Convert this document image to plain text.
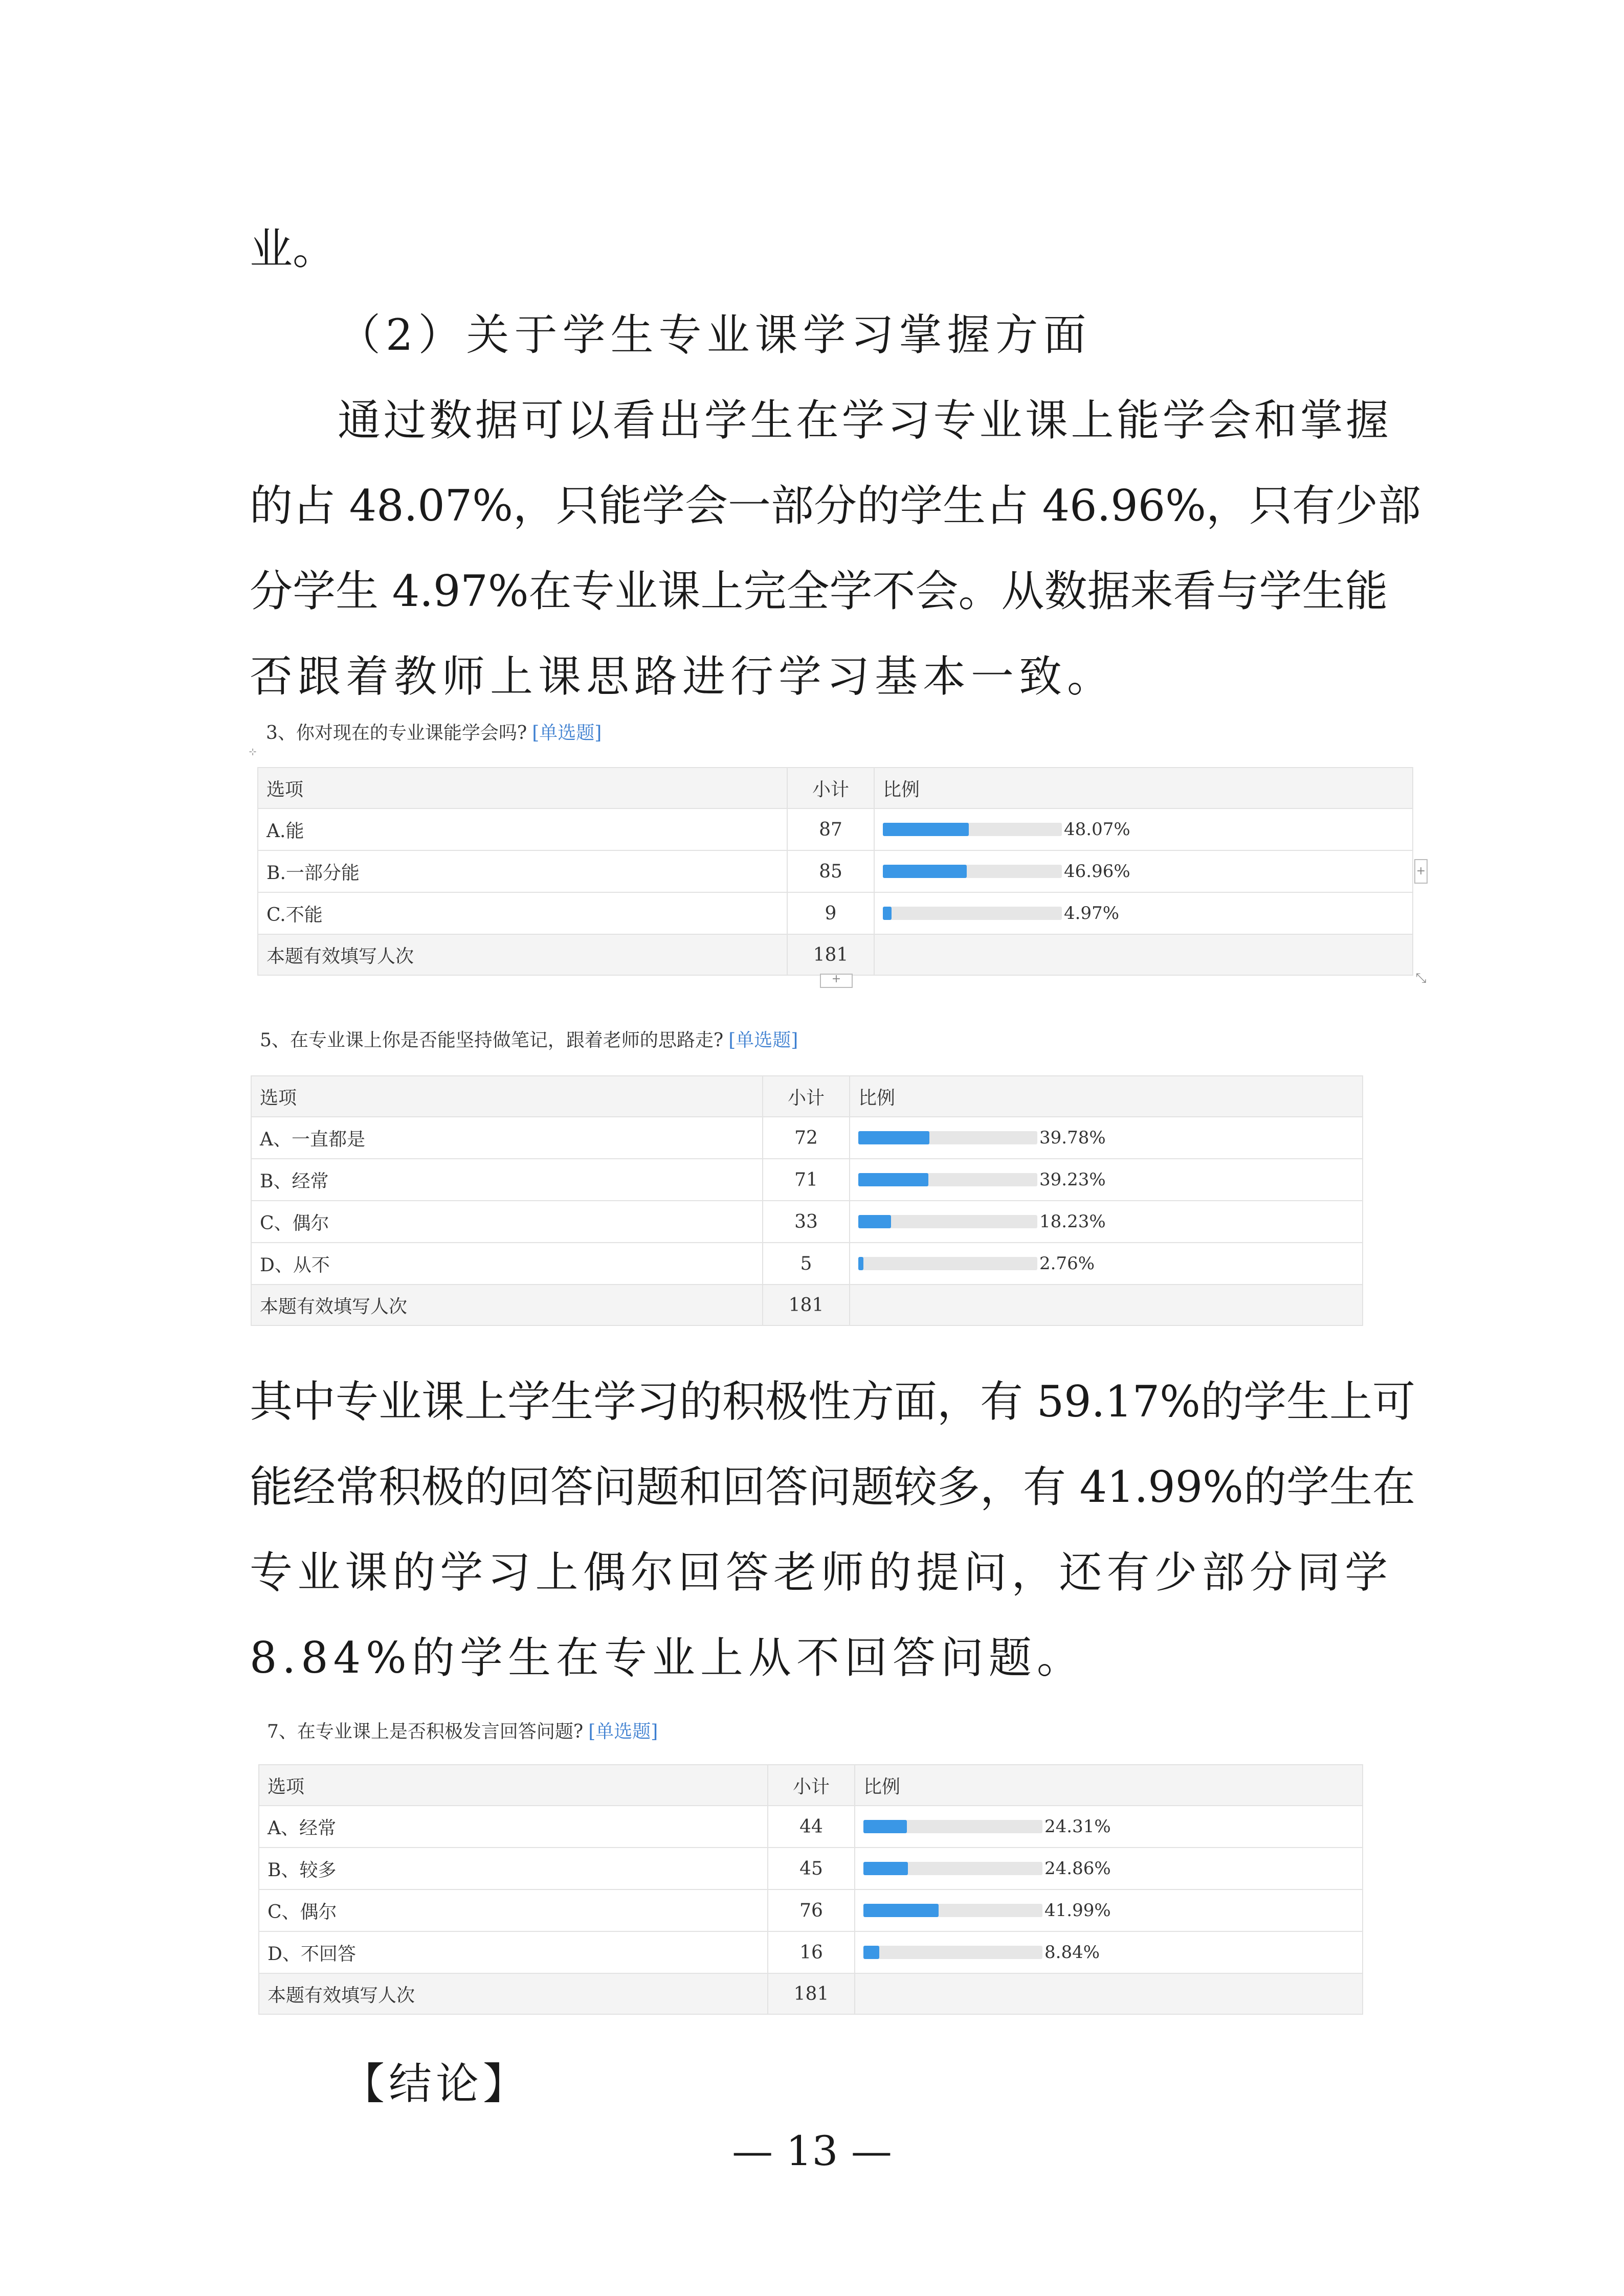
业。
（2）关于学生专业课学习掌握方面
通过数据可以看出学生在学习专业课上能学会和掌握
的占 48.07%，只能学会一部分的学生占 46.96%，只有少部
分学生 4.97%在专业课上完全学不会。从数据来看与学生能
否跟着教师上课思路进行学习基本一致。
3、你对现在的专业课能学会吗? [单选题]
⊹
选项	小计	比例
A.能	87	48.07%

B.一部分能	85	46.96%

C.不能	9	4.97%

本题有效填写人次	181	
+
+	⤡
5、在专业课上你是否能坚持做笔记，跟着老师的思路走? [单选题]
选项	小计	比例
A、一直都是	72	39.78%

B、经常	71	39.23%

C、偶尔	33	18.23%

D、从不	5	2.76%

本题有效填写人次	181	
其中专业课上学生学习的积极性方面，有 59.17%的学生上可
能经常积极的回答问题和回答问题较多，有 41.99%的学生在
专业课的学习上偶尔回答老师的提问，还有少部分同学
8.84%的学生在专业上从不回答问题。
7、在专业课上是否积极发言回答问题? [单选题]
选项	小计	比例
A、经常	44	24.31%

B、较多	45	24.86%

C、偶尔	76	41.99%

D、不回答	16	8.84%

本题有效填写人次	181	
【结论】
— 13 —
